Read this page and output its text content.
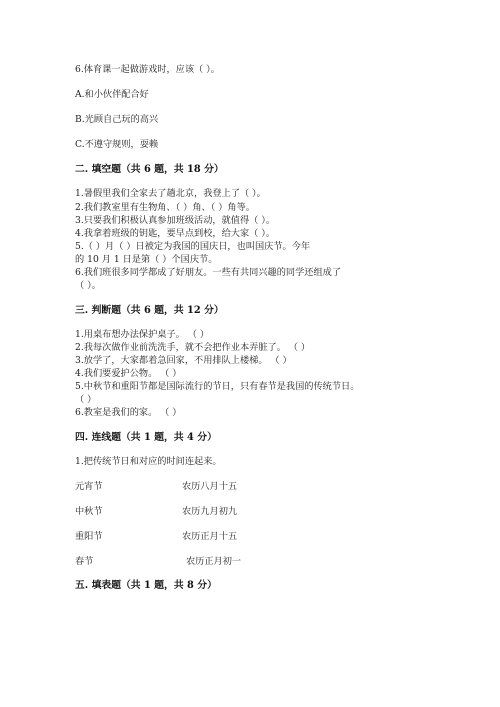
6.体育课一起做游戏时，应该（ ）。
A.和小伙伴配合好
B.光顾自己玩的高兴
C.不遵守规则，耍赖
二. 填空题（共 6 题，共 18 分）
1.暑假里我们全家去了趟北京，我登上了（ ）。
2.我们教室里有生物角、（ ）角、（ ）角等。
3.只要我们积极认真参加班级活动，就值得（ ）。
4.我拿着班级的钥匙，要早点到校，给大家（ ）。
5.（ ）月（ ）日被定为我国的国庆日，也叫国庆节。今年
的 10 月 1 日是第（ ）个国庆节。
6.我们班很多同学都成了好朋友。一些有共同兴趣的同学还组成了
（ ）。
三. 判断题（共 6 题，共 12 分）
1.用桌布想办法保护桌子。 （ ）
2.我每次做作业前洗洗手，就不会把作业本弄脏了。 （ ）
3.放学了，大家都着急回家，不用排队上楼梯。 （ ）
4.我们要爱护公物。 （ ）
5.中秋节和重阳节都是国际流行的节日，只有春节是我国的传统节日。
（ ）
6.教室是我们的家。 （ ）
四. 连线题（共 1 题，共 4 分）
1.把传统节日和对应的时间连起来。
元宵节	农历八月十五
中秋节	农历九月初九
重阳节	农历正月十五
春节	农历正月初一
五. 填表题（共 1 题，共 8 分）
